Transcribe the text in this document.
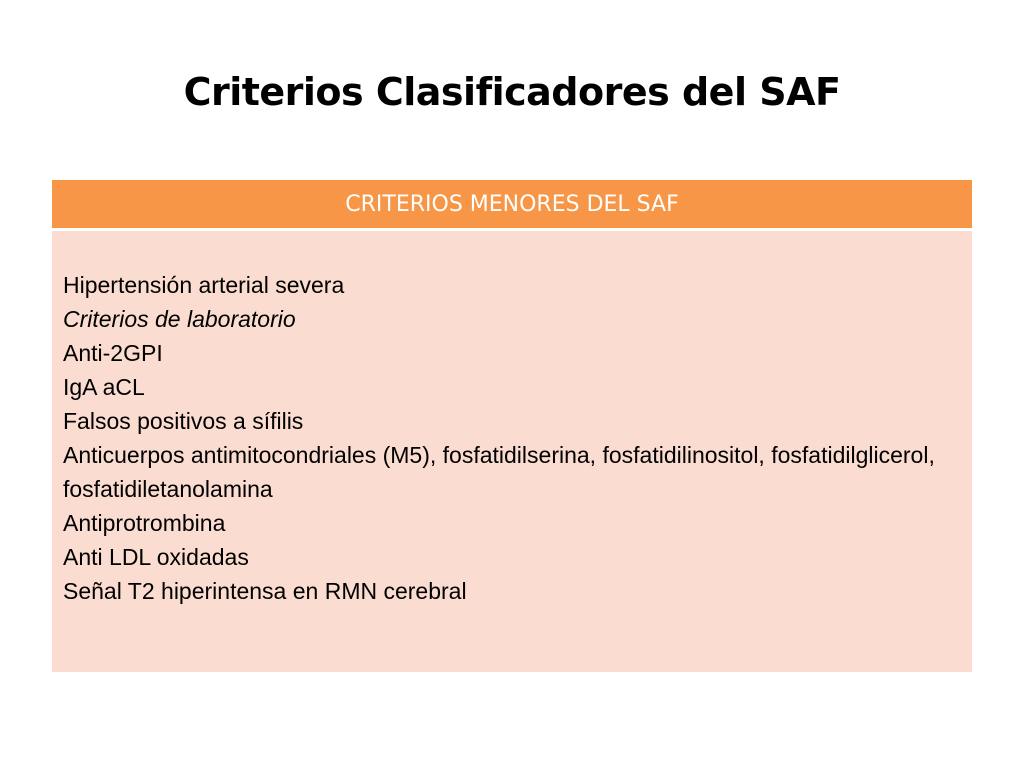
Criterios Clasificadores del SAF
CRITERIOS MENORES DEL SAF
Hipertensión arterial severa
Criterios de laboratorio
Anti-2GPI
IgA aCL
Falsos positivos a sífilis
Anticuerpos antimitocondriales (M5), fosfatidilserina, fosfatidilinositol, fosfatidilglicerol, fosfatidiletanolamina
Antiprotrombina
Anti LDL oxidadas
Señal T2 hiperintensa en RMN cerebral
